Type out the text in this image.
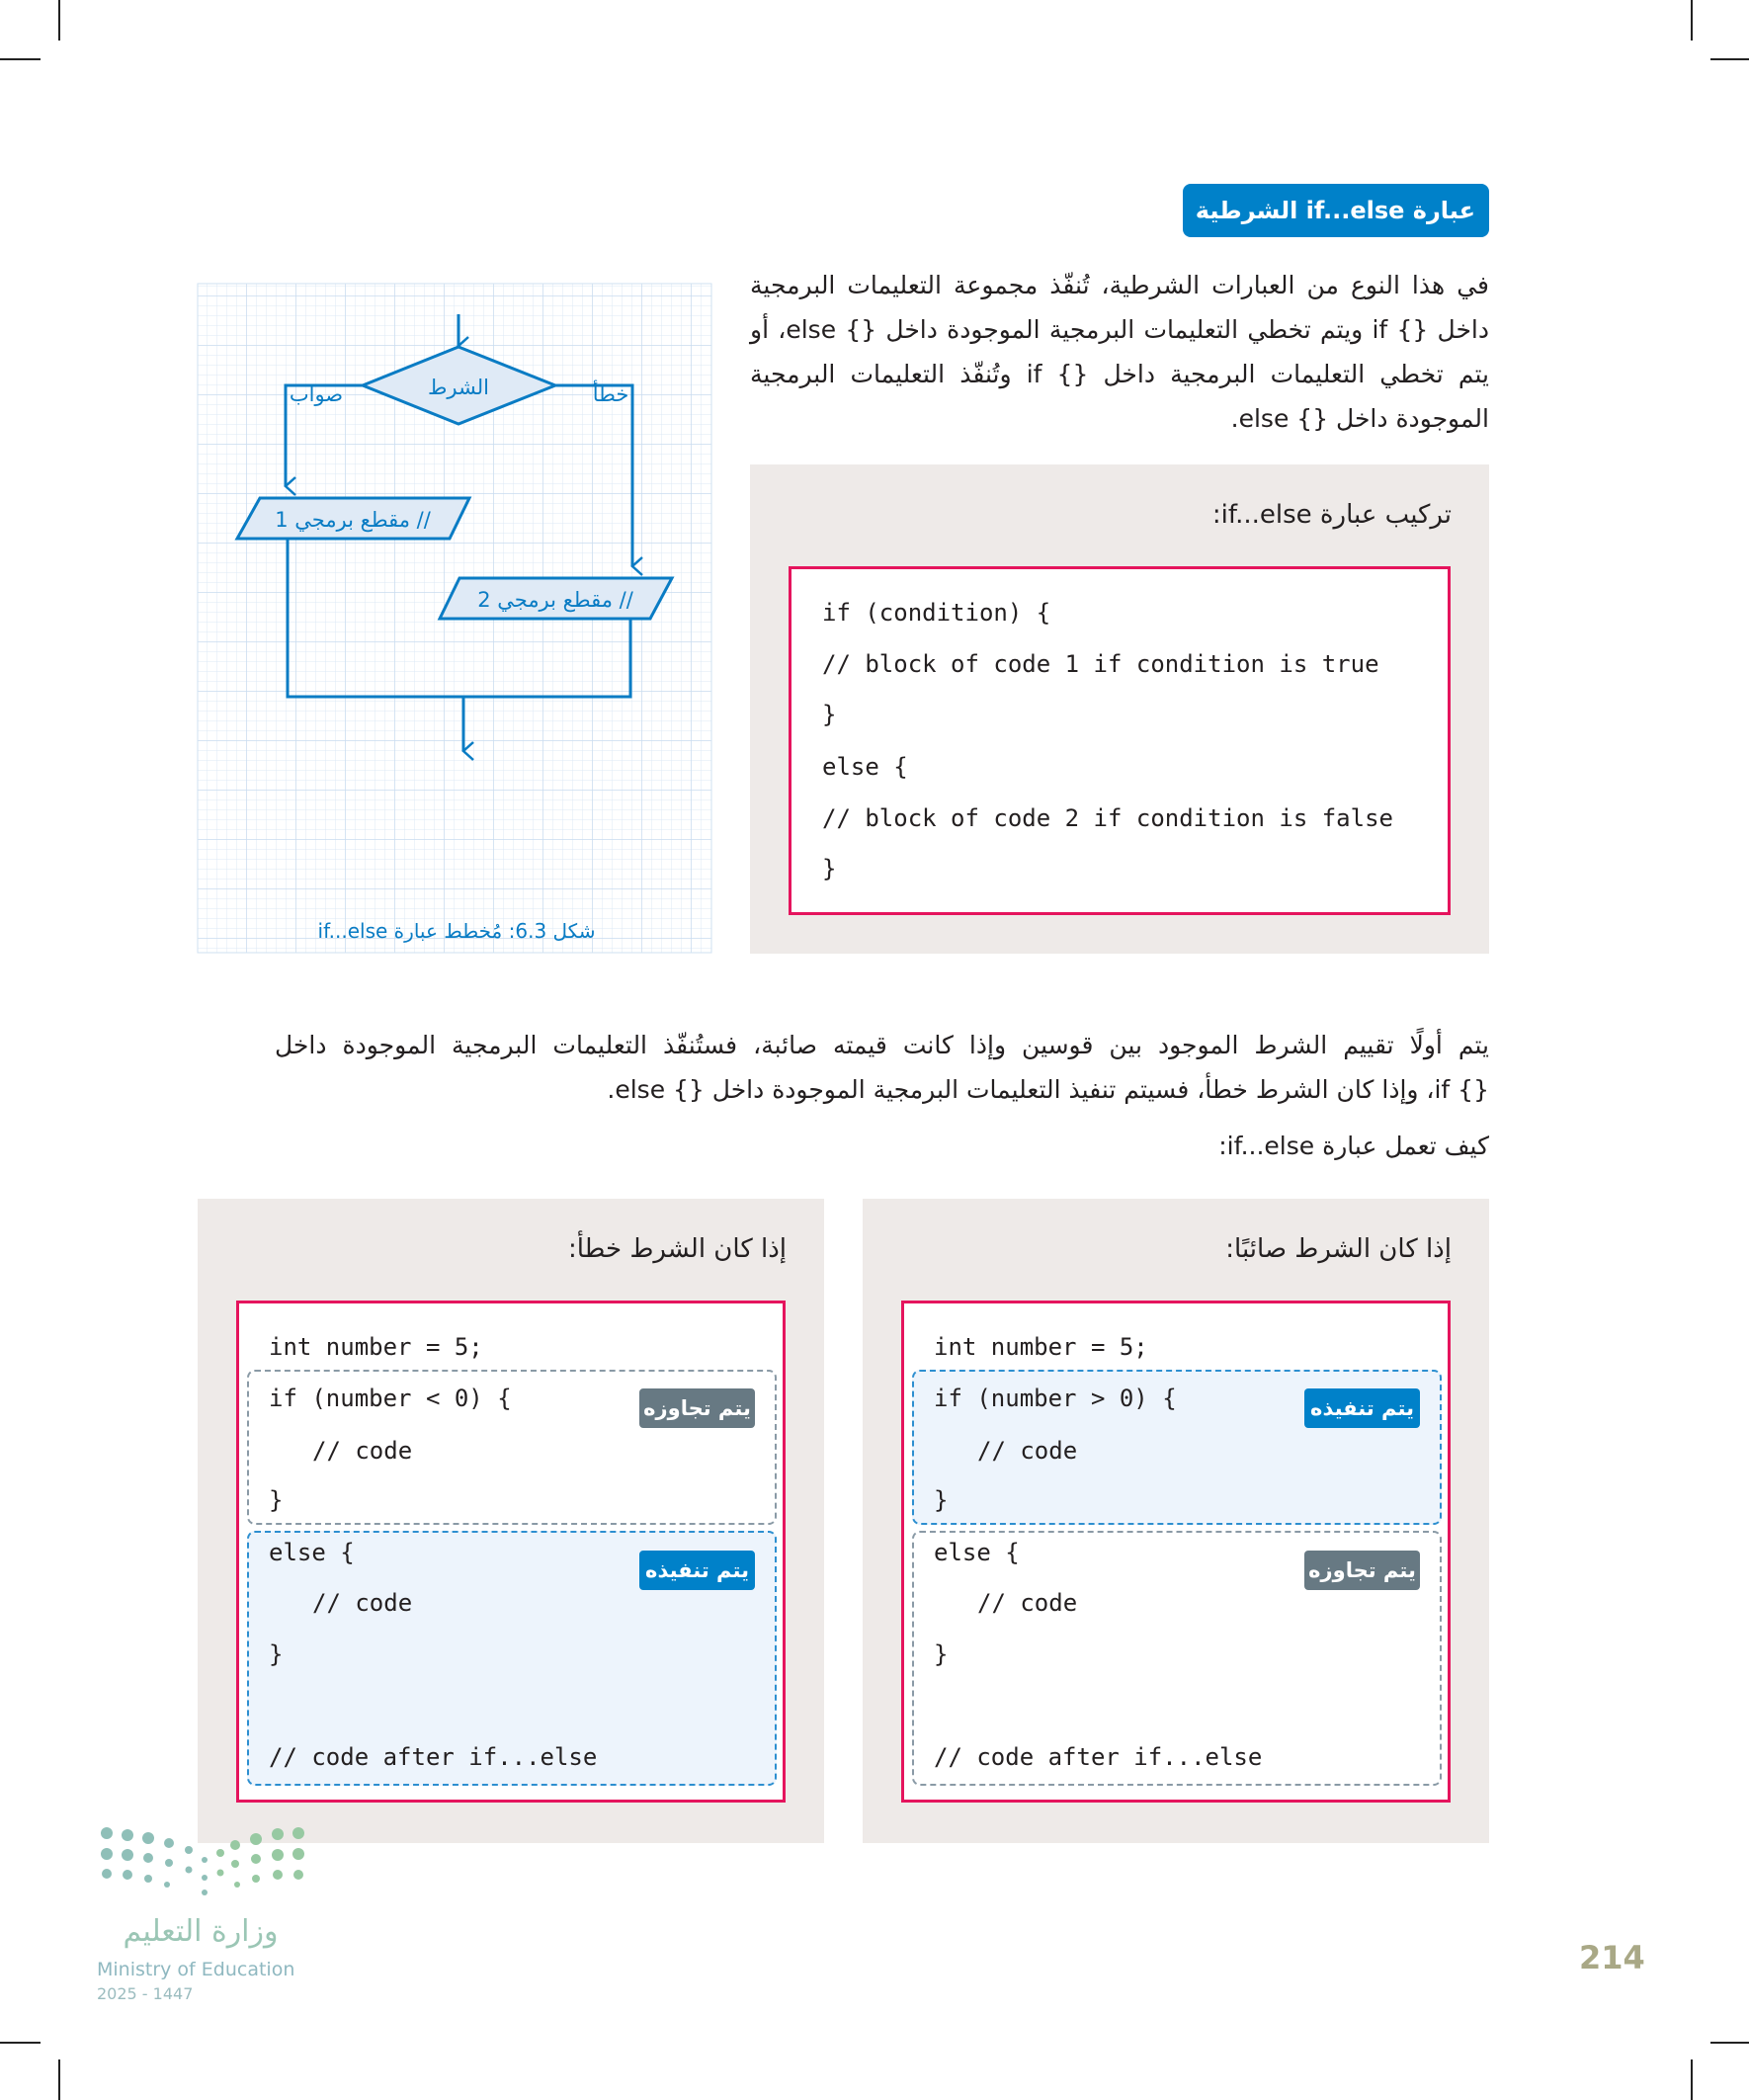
عبارة if...else الشرطية
في هذا النوع من العبارات الشرطية، تُنفّذ مجموعة التعليمات البرمجية
داخل {} if ويتم تخطي التعليمات البرمجية الموجودة داخل {} else، أو
يتم تخطي التعليمات البرمجية داخل {} if وتُنفّذ التعليمات البرمجية
الموجودة داخل {} else.
تركيب عبارة if...else:
if (condition) {
// block of code 1 if condition is true
}
else {
// block of code 2 if condition is false
}
الشرط
صواب	خطأ
// مقطع برمجي 1
// مقطع برمجي 2
شكل 6.3: مُخطط عبارة if...else
يتم أولًا تقييم الشرط الموجود بين قوسين وإذا كانت قيمته صائبة، فستُنفّذ التعليمات البرمجية الموجودة داخل
{} if، وإذا كان الشرط خطأ، فسيتم تنفيذ التعليمات البرمجية الموجودة داخل {} else.
كيف تعمل عبارة if...else:
إذا كان الشرط صائبًا:
int number = 5;
if (number > 0) {
// code
}
else {
// code
}
// code after if...else
يتم تنفيذه
يتم تجاوزه
إذا كان الشرط خطأ:
int number = 5;
if (number < 0) {
// code
}
else {
// code
}
// code after if...else
يتم تجاوزه
يتم تنفيذه
وزارة التعليم
Ministry of Education
2025 - 1447
214
